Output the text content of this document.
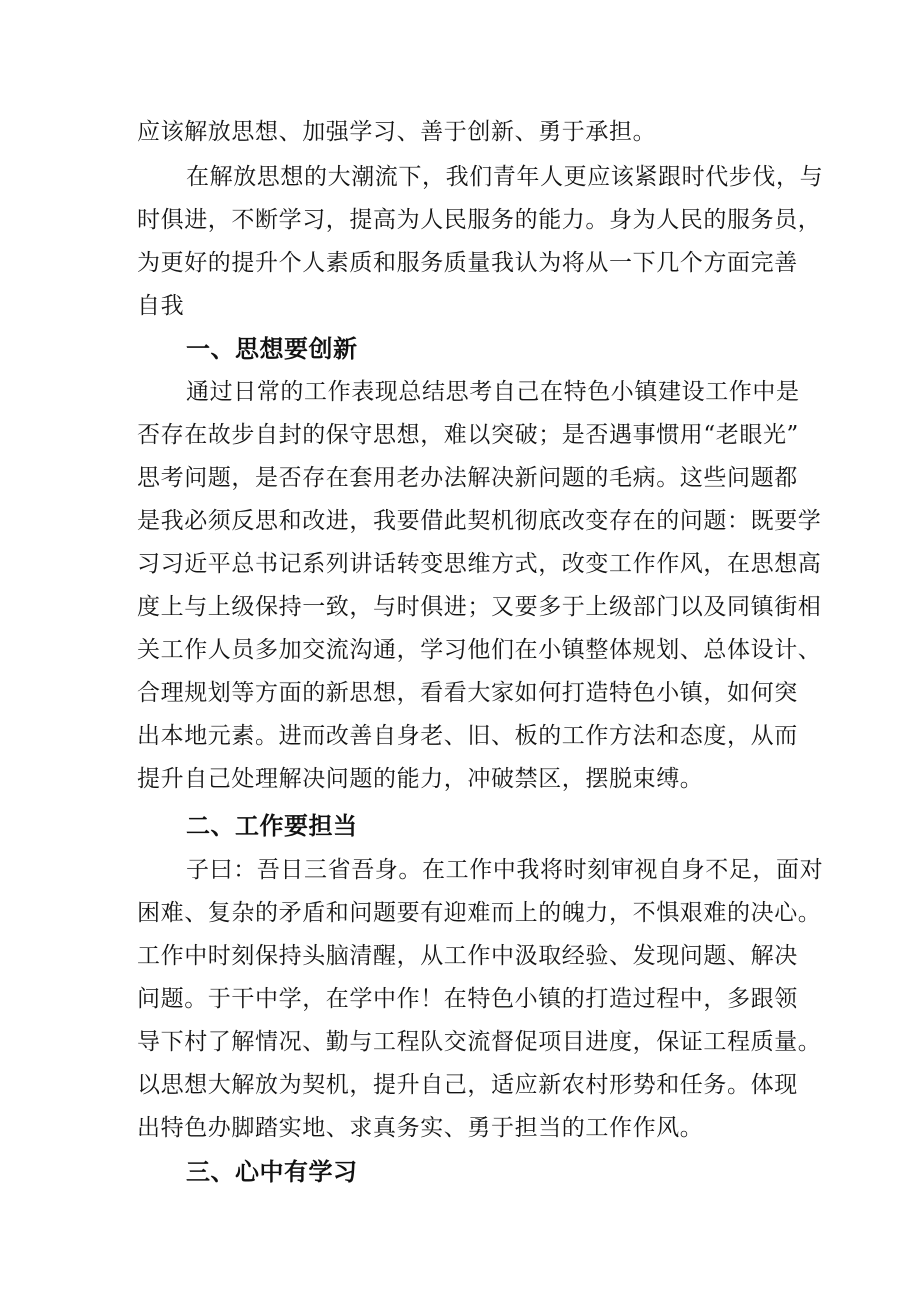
应该解放思想、加强学习、善于创新、勇于承担。
在解放思想的大潮流下，我们青年人更应该紧跟时代步伐，与
时俱进，不断学习，提高为人民服务的能力。身为人民的服务员，
为更好的提升个人素质和服务质量我认为将从一下几个方面完善
自我
一、思想要创新
通过日常的工作表现总结思考自己在特色小镇建设工作中是
否存在故步自封的保守思想，难以突破；是否遇事惯用“老眼光”
思考问题，是否存在套用老办法解决新问题的毛病。这些问题都
是我必须反思和改进，我要借此契机彻底改变存在的问题：既要学
习习近平总书记系列讲话转变思维方式，改变工作作风，在思想高
度上与上级保持一致，与时俱进；又要多于上级部门以及同镇街相
关工作人员多加交流沟通，学习他们在小镇整体规划、总体设计、
合理规划等方面的新思想，看看大家如何打造特色小镇，如何突
出本地元素。进而改善自身老、旧、板的工作方法和态度，从而
提升自己处理解决问题的能力，冲破禁区，摆脱束缚。
二、工作要担当
子曰：吾日三省吾身。在工作中我将时刻审视自身不足，面对
困难、复杂的矛盾和问题要有迎难而上的魄力，不惧艰难的决心。
工作中时刻保持头脑清醒，从工作中汲取经验、发现问题、解决
问题。于干中学，在学中作！在特色小镇的打造过程中，多跟领
导下村了解情况、勤与工程队交流督促项目进度，保证工程质量。
以思想大解放为契机，提升自己，适应新农村形势和任务。体现
出特色办脚踏实地、求真务实、勇于担当的工作作风。
三、心中有学习
